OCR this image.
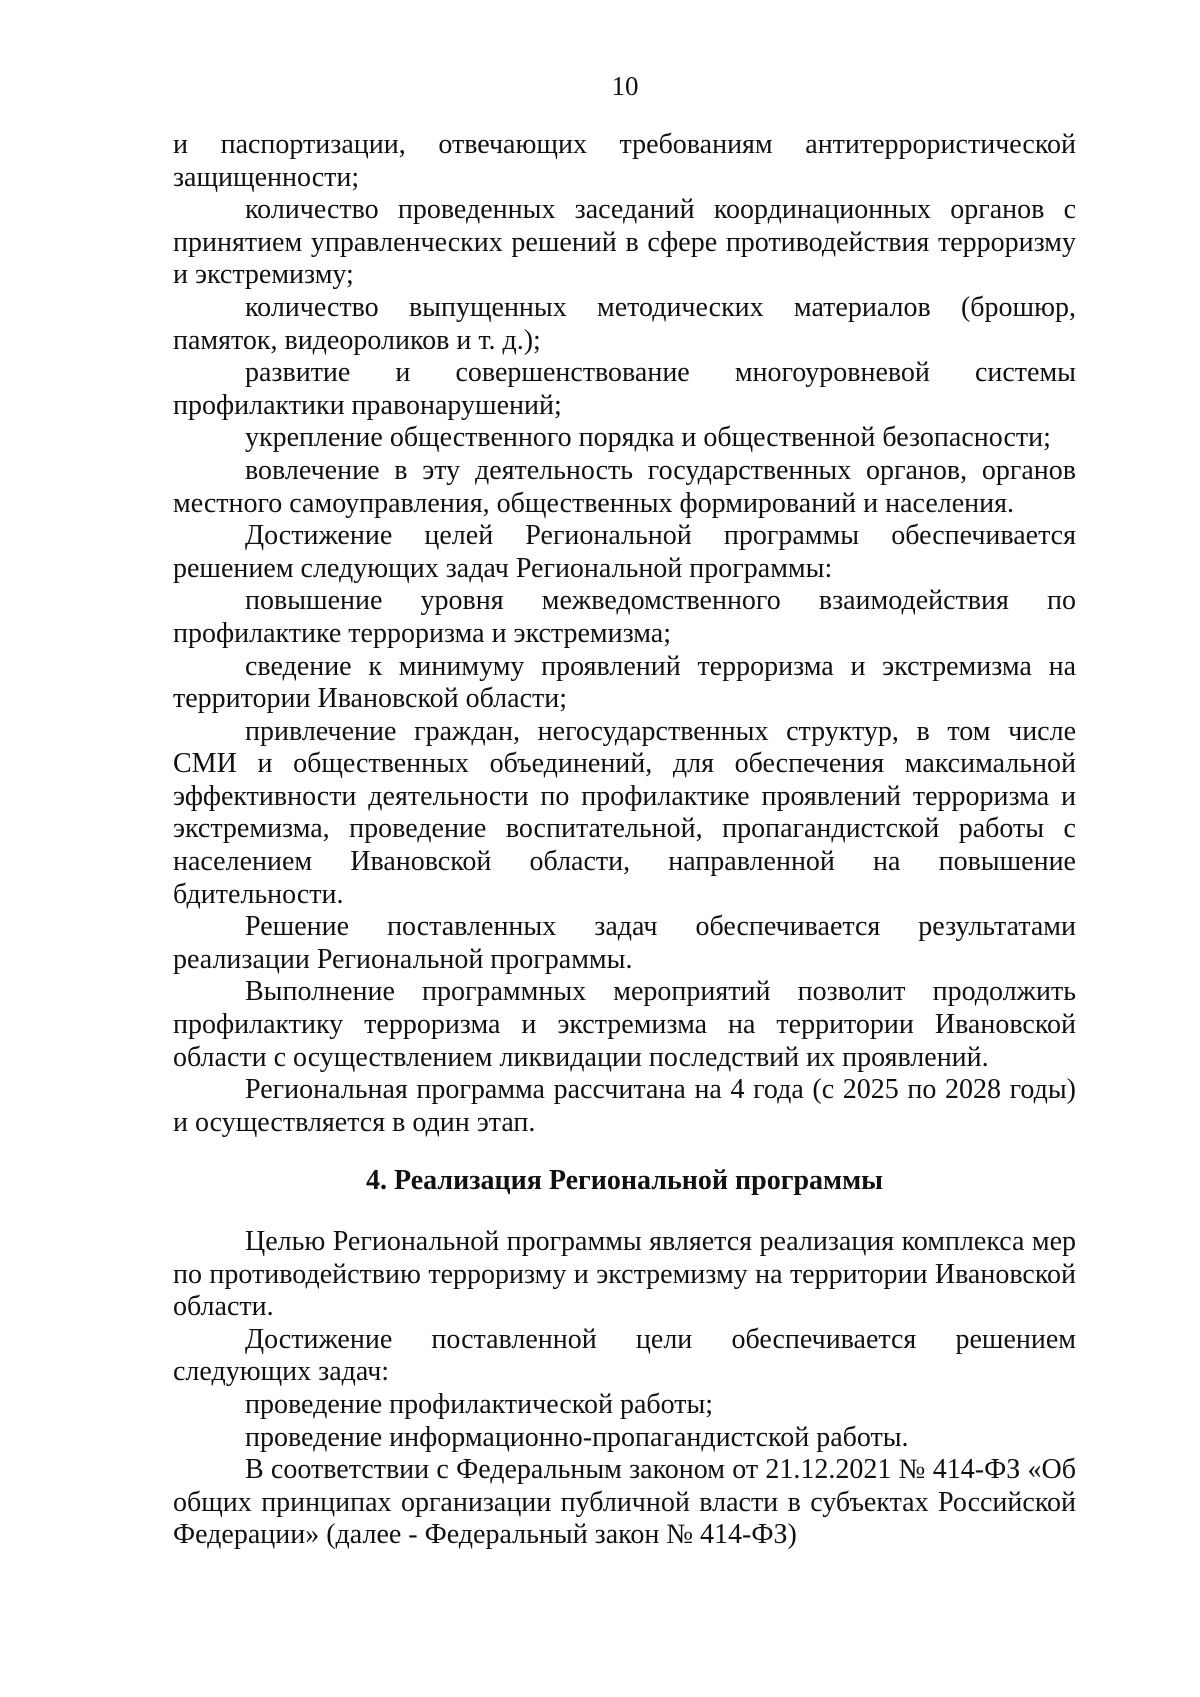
10

и паспортизации, отвечающих требованиям антитеррористической защищенности;

количество проведенных заседаний координационных органов с принятием управленческих решений в сфере противодействия терроризму и экстремизму;

количество выпущенных методических материалов (брошюр, памяток, видеороликов и т. д.);

развитие и совершенствование многоуровневой системы профилактики правонарушений;

укрепление общественного порядка и общественной безопасности;

вовлечение в эту деятельность государственных органов, органов местного самоуправления, общественных формирований и населения.

Достижение целей Региональной программы обеспечивается решением следующих задач Региональной программы:

повышение уровня межведомственного взаимодействия по профилактике терроризма и экстремизма;

сведение к минимуму проявлений терроризма и экстремизма на территории Ивановской области;

привлечение граждан, негосударственных структур, в том числе СМИ и общественных объединений, для обеспечения максимальной эффективности деятельности по профилактике проявлений терроризма и экстремизма, проведение воспитательной, пропагандистской работы с населением Ивановской области, направленной на повышение бдительности.

Решение поставленных задач обеспечивается результатами реализации Региональной программы.

Выполнение программных мероприятий позволит продолжить профилактику терроризма и экстремизма на территории Ивановской области с осуществлением ликвидации последствий их проявлений.

Региональная программа рассчитана на 4 года (с 2025 по 2028 годы) и осуществляется в один этап.

4. Реализация Региональной программы

Целью Региональной программы является реализация комплекса мер по противодействию терроризму и экстремизму на территории Ивановской области.

Достижение поставленной цели обеспечивается решением следующих задач:

проведение профилактической работы;

проведение информационно-пропагандистской работы.

В соответствии с Федеральным законом от 21.12.2021 № 414-ФЗ «Об общих принципах организации публичной власти в субъектах Российской Федерации» (далее - Федеральный закон № 414-ФЗ)
